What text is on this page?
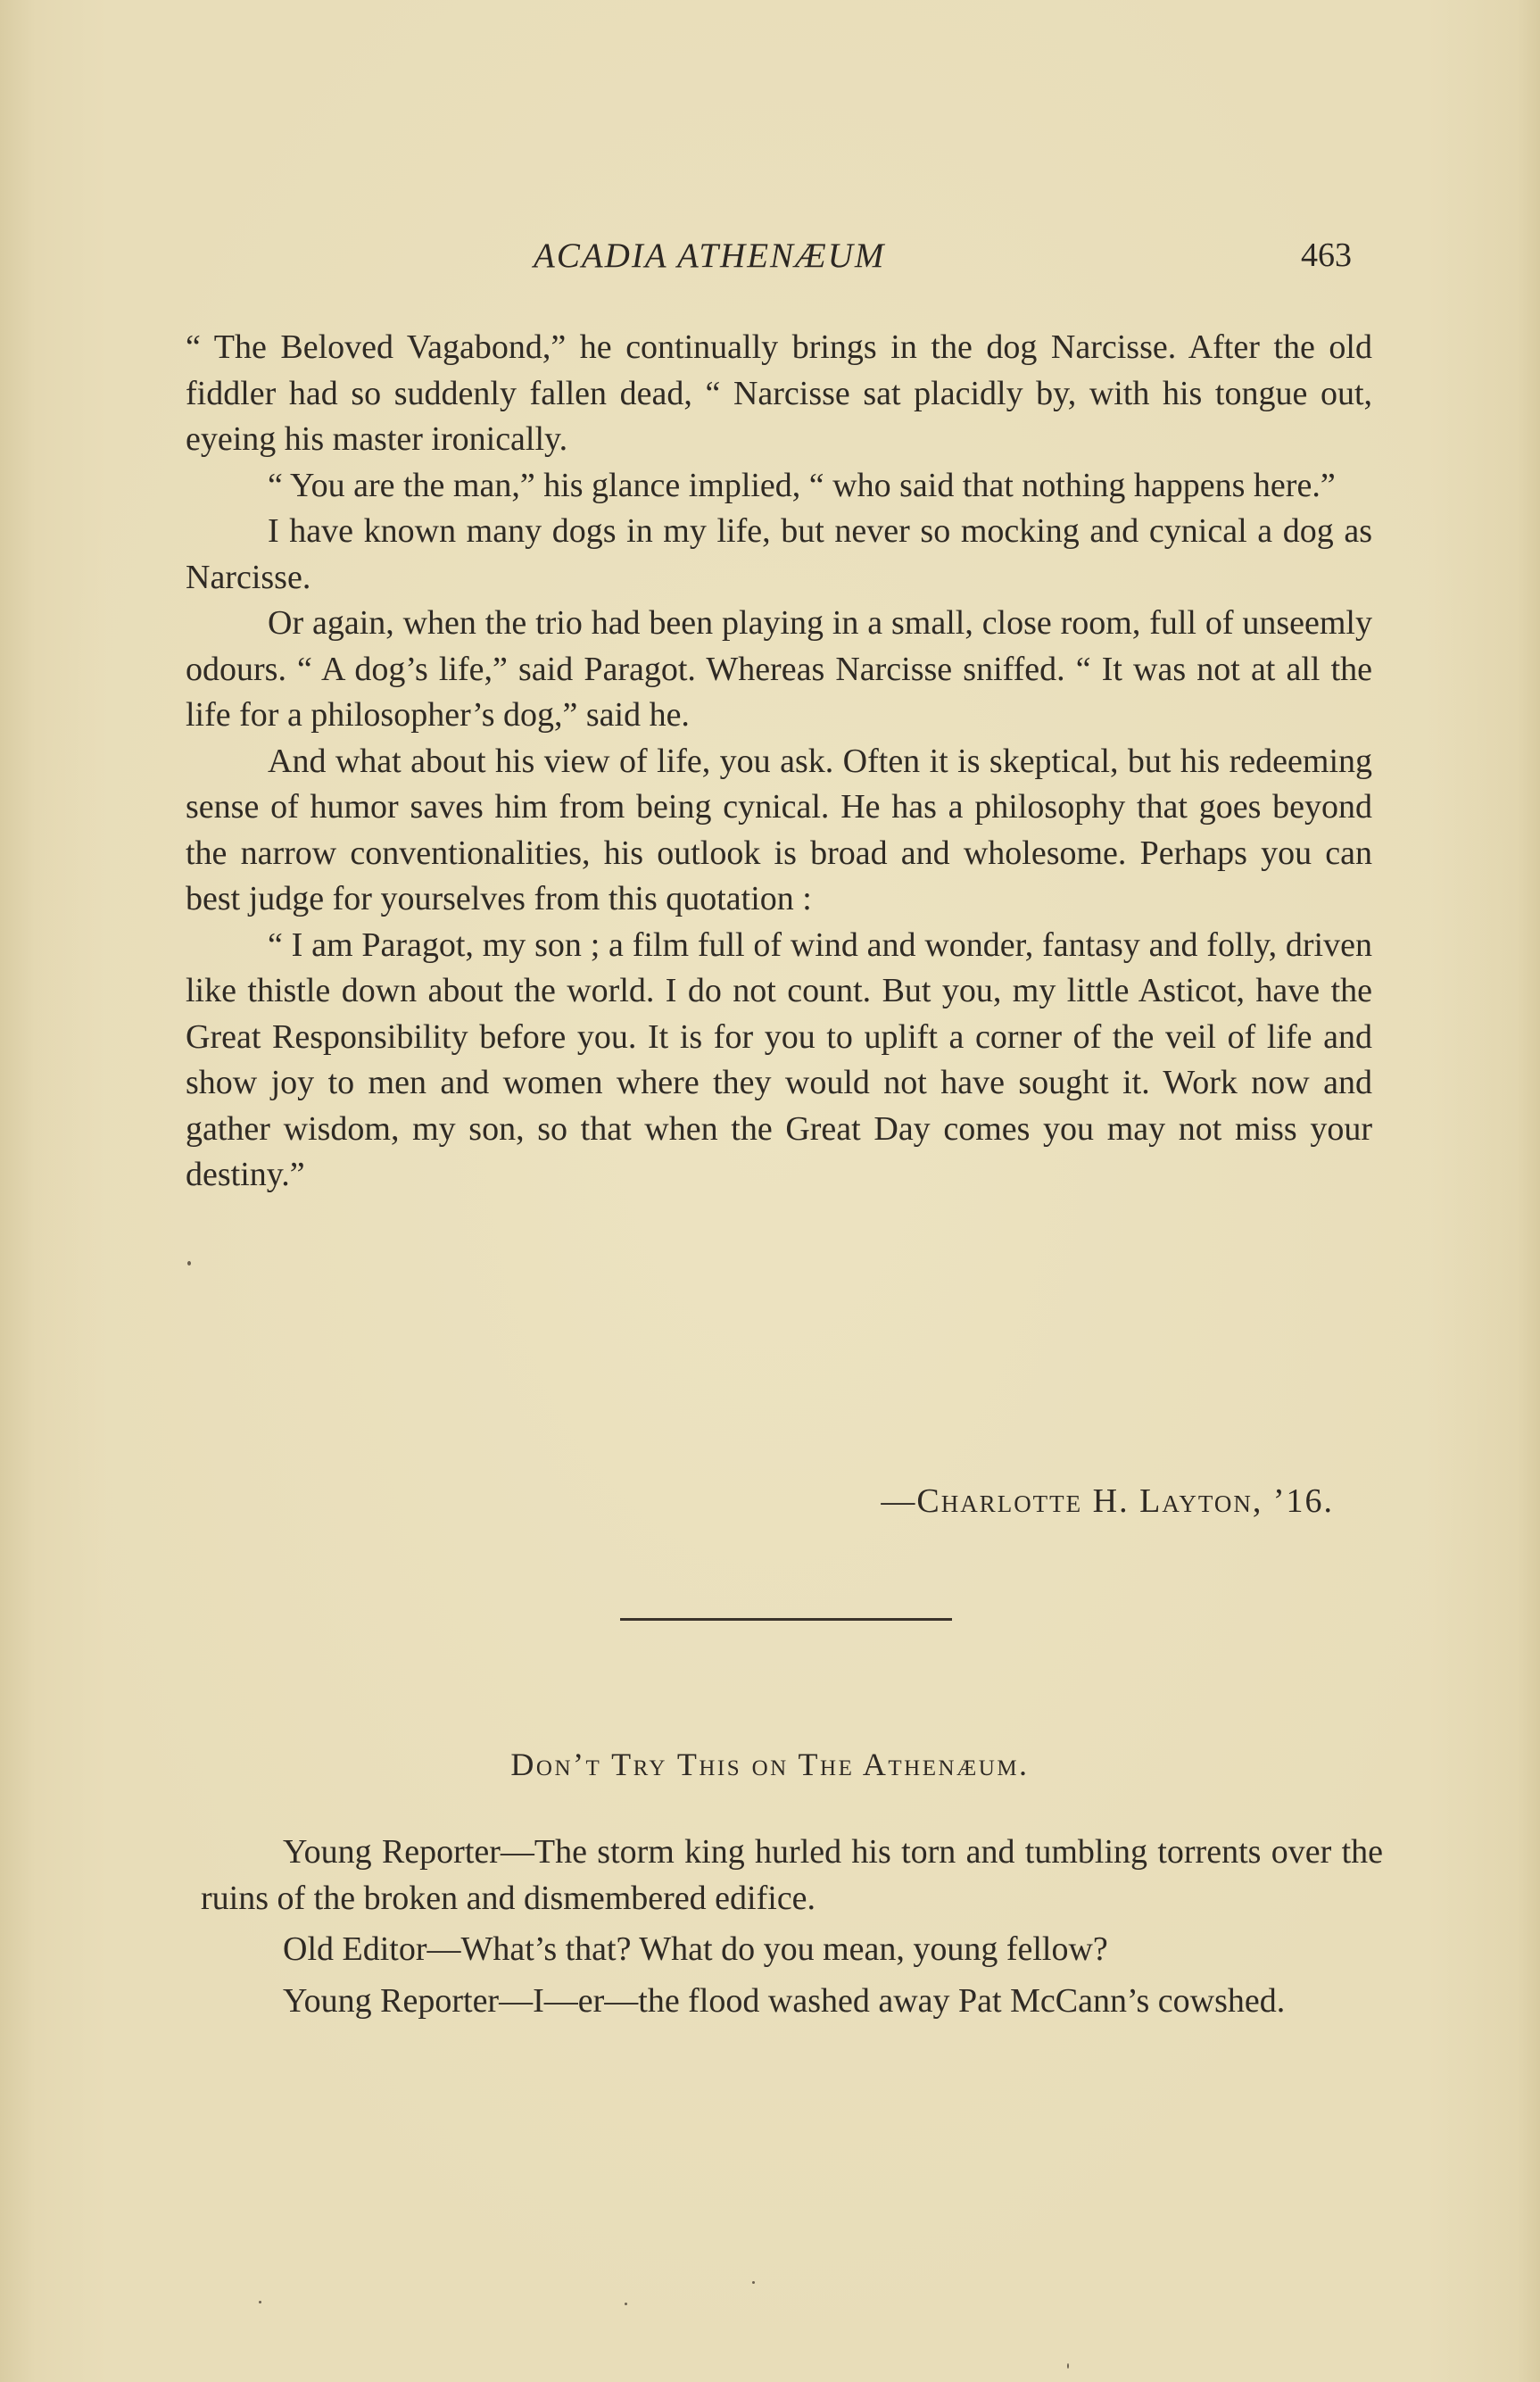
ACADIA ATHENÆUM	463

“ The Beloved Vagabond,” he continually brings in the dog Narcisse. After the old fiddler had so suddenly fallen dead, “ Narcisse sat placidly by, with his tongue out, eyeing his master ironically.

“ You are the man,” his glance implied, “ who said that nothing happens here.”

I have known many dogs in my life, but never so mocking and cynical a dog as Narcisse.

Or again, when the trio had been playing in a small, close room, full of unseemly odours. “ A dog’s life,” said Paragot. Whereas Narcisse sniffed. “ It was not at all the life for a philosopher’s dog,” said he.

And what about his view of life, you ask. Often it is skeptical, but his redeeming sense of humor saves him from being cynical. He has a philosophy that goes beyond the narrow conventionalities, his outlook is broad and wholesome. Perhaps you can best judge for yourselves from this quotation :

“ I am Paragot, my son ; a film full of wind and wonder, fantasy and folly, driven like thistle down about the world. I do not count. But you, my little Asticot, have the Great Responsibility before you. It is for you to uplift a corner of the veil of life and show joy to men and women where they would not have sought it. Work now and gather wisdom, my son, so that when the Great Day comes you may not miss your destiny.”

—Charlotte H. Layton, ’16.
Don’t Try This on The Athenæum.

Young Reporter—The storm king hurled his torn and tumbling torrents over the ruins of the broken and dismembered edifice.

Old Editor—What’s that? What do you mean, young fellow?

Young Reporter—I—er—the flood washed away Pat McCann’s cowshed.
